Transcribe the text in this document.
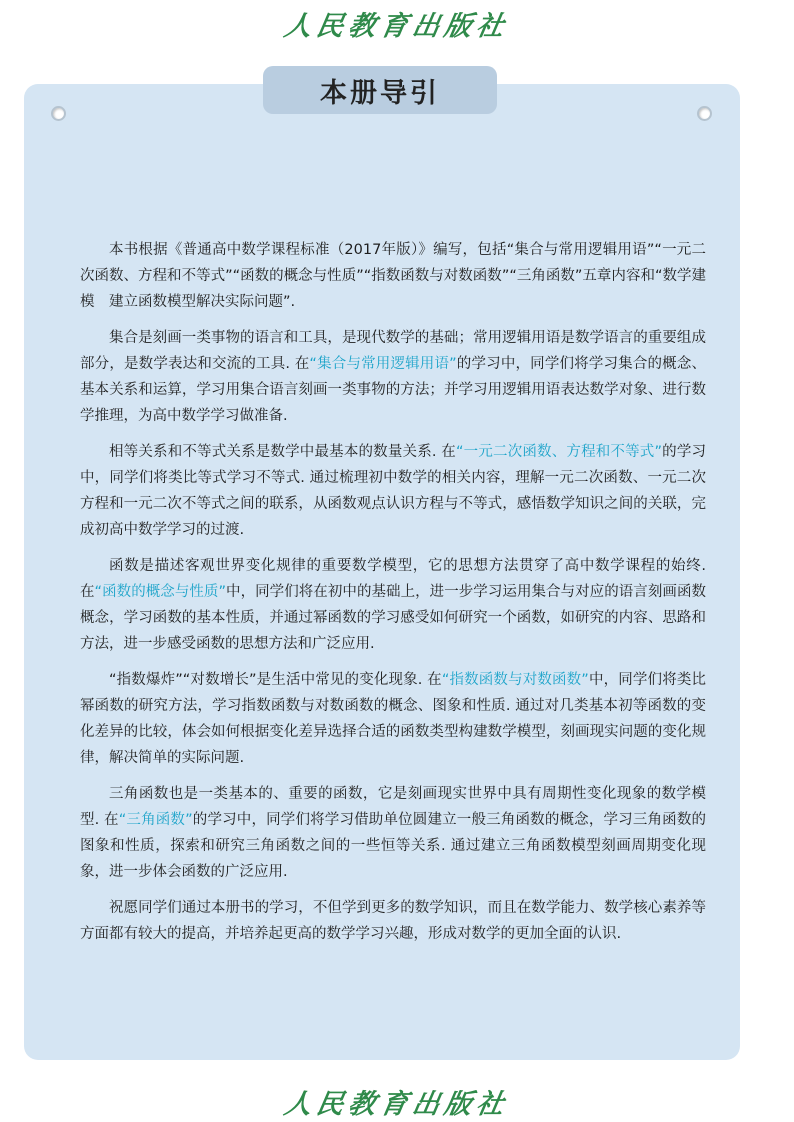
人民教育出版社
本册导引

本书根据《普通高中数学课程标准（2017年版）》编写，包括“集合与常用逻辑用语”“一元二次函数、方程和不等式”“函数的概念与性质”“指数函数与对数函数”“三角函数”五章内容和“数学建模　建立函数模型解决实际问题”.

集合是刻画一类事物的语言和工具，是现代数学的基础；常用逻辑用语是数学语言的重要组成部分，是数学表达和交流的工具. 在“集合与常用逻辑用语”的学习中，同学们将学习集合的概念、基本关系和运算，学习用集合语言刻画一类事物的方法；并学习用逻辑用语表达数学对象、进行数学推理，为高中数学学习做准备.

相等关系和不等式关系是数学中最基本的数量关系. 在“一元二次函数、方程和不等式”的学习中，同学们将类比等式学习不等式. 通过梳理初中数学的相关内容，理解一元二次函数、一元二次方程和一元二次不等式之间的联系，从函数观点认识方程与不等式，感悟数学知识之间的关联，完成初高中数学学习的过渡.

函数是描述客观世界变化规律的重要数学模型，它的思想方法贯穿了高中数学课程的始终. 在“函数的概念与性质”中，同学们将在初中的基础上，进一步学习运用集合与对应的语言刻画函数概念，学习函数的基本性质，并通过幂函数的学习感受如何研究一个函数，如研究的内容、思路和方法，进一步感受函数的思想方法和广泛应用.

“指数爆炸”“对数增长”是生活中常见的变化现象. 在“指数函数与对数函数”中，同学们将类比幂函数的研究方法，学习指数函数与对数函数的概念、图象和性质. 通过对几类基本初等函数的变化差异的比较，体会如何根据变化差异选择合适的函数类型构建数学模型，刻画现实问题的变化规律，解决简单的实际问题.

三角函数也是一类基本的、重要的函数，它是刻画现实世界中具有周期性变化现象的数学模型. 在“三角函数”的学习中，同学们将学习借助单位圆建立一般三角函数的概念，学习三角函数的图象和性质，探索和研究三角函数之间的一些恒等关系. 通过建立三角函数模型刻画周期变化现象，进一步体会函数的广泛应用.

祝愿同学们通过本册书的学习，不但学到更多的数学知识，而且在数学能力、数学核心素养等方面都有较大的提高，并培养起更高的数学学习兴趣，形成对数学的更加全面的认识.

人民教育出版社
